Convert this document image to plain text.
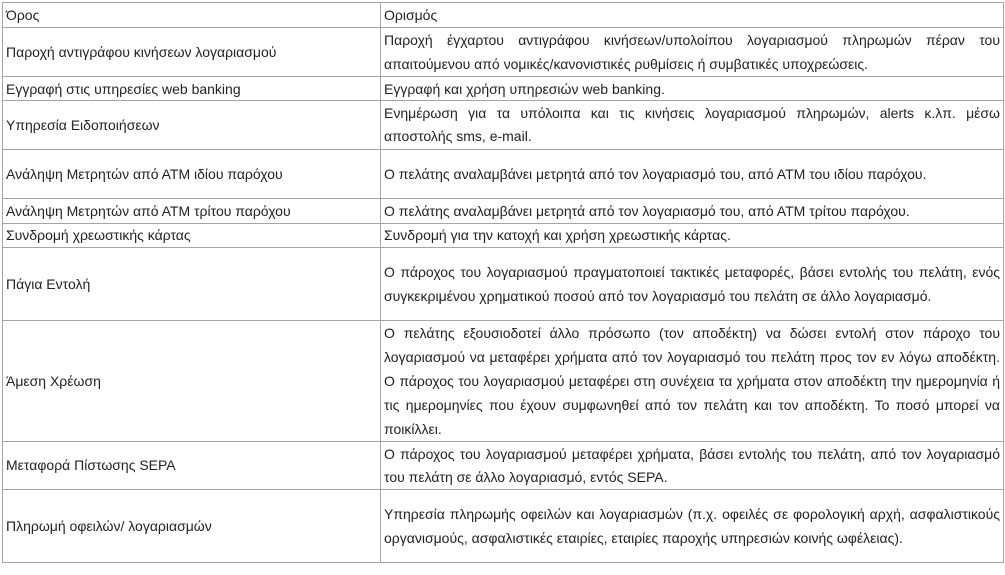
Όρος	Ορισμός
Παροχή αντιγράφου κινήσεων λογαριασμού	Παροχή έγχαρτου αντιγράφου κινήσεων/υπολοίπου λογαριασμού πληρωμών πέραν του απαιτούμενου από νομικές/κανονιστικές ρυθμίσεις ή συμβατικές υποχρεώσεις.
Εγγραφή στις υπηρεσίες web banking	Εγγραφή και χρήση υπηρεσιών web banking.
Υπηρεσία Ειδοποιήσεων	Ενημέρωση για τα υπόλοιπα και τις κινήσεις λογαριασμού πληρωμών, alerts κ.λπ. μέσω αποστολής sms, e-mail.
Ανάληψη Μετρητών από ΑΤΜ ιδίου παρόχου	Ο πελάτης αναλαμβάνει μετρητά από τον λογαριασμό του, από ΑΤΜ του ιδίου παρόχου.
Ανάληψη Μετρητών από ΑΤΜ τρίτου παρόχου	Ο πελάτης αναλαμβάνει μετρητά από τον λογαριασμό του, από ΑΤΜ τρίτου παρόχου.
Συνδρομή χρεωστικής κάρτας	Συνδρομή για την κατοχή και χρήση χρεωστικής κάρτας.
Πάγια Εντολή	Ο πάροχος του λογαριασμού πραγματοποιεί τακτικές μεταφορές, βάσει εντολής του πελάτη, ενός συγκεκριμένου χρηματικού ποσού από τον λογαριασμό του πελάτη σε άλλο λογαριασμό.
Άμεση Χρέωση	Ο πελάτης εξουσιοδοτεί άλλο πρόσωπο (τον αποδέκτη) να δώσει εντολή στον πάροχο του λογαριασμού να μεταφέρει χρήματα από τον λογαριασμό του πελάτη προς τον εν λόγω αποδέκτη. Ο πάροχος του λογαριασμού μεταφέρει στη συνέχεια τα χρήματα στον αποδέκτη την ημερομηνία ή τις ημερομηνίες που έχουν συμφωνηθεί από τον πελάτη και τον αποδέκτη. Το ποσό μπορεί να ποικίλλει.
Μεταφορά Πίστωσης SEPA	Ο πάροχος του λογαριασμού μεταφέρει χρήματα, βάσει εντολής του πελάτη, από τον λογαριασμό του πελάτη σε άλλο λογαριασμό, εντός SEPA.
Πληρωμή οφειλών/ λογαριασμών	Υπηρεσία πληρωμής οφειλών και λογαριασμών (π.χ. οφειλές σε φορολογική αρχή, ασφαλιστικούς οργανισμούς, ασφαλιστικές εταιρίες, εταιρίες παροχής υπηρεσιών κοινής ωφέλειας).
